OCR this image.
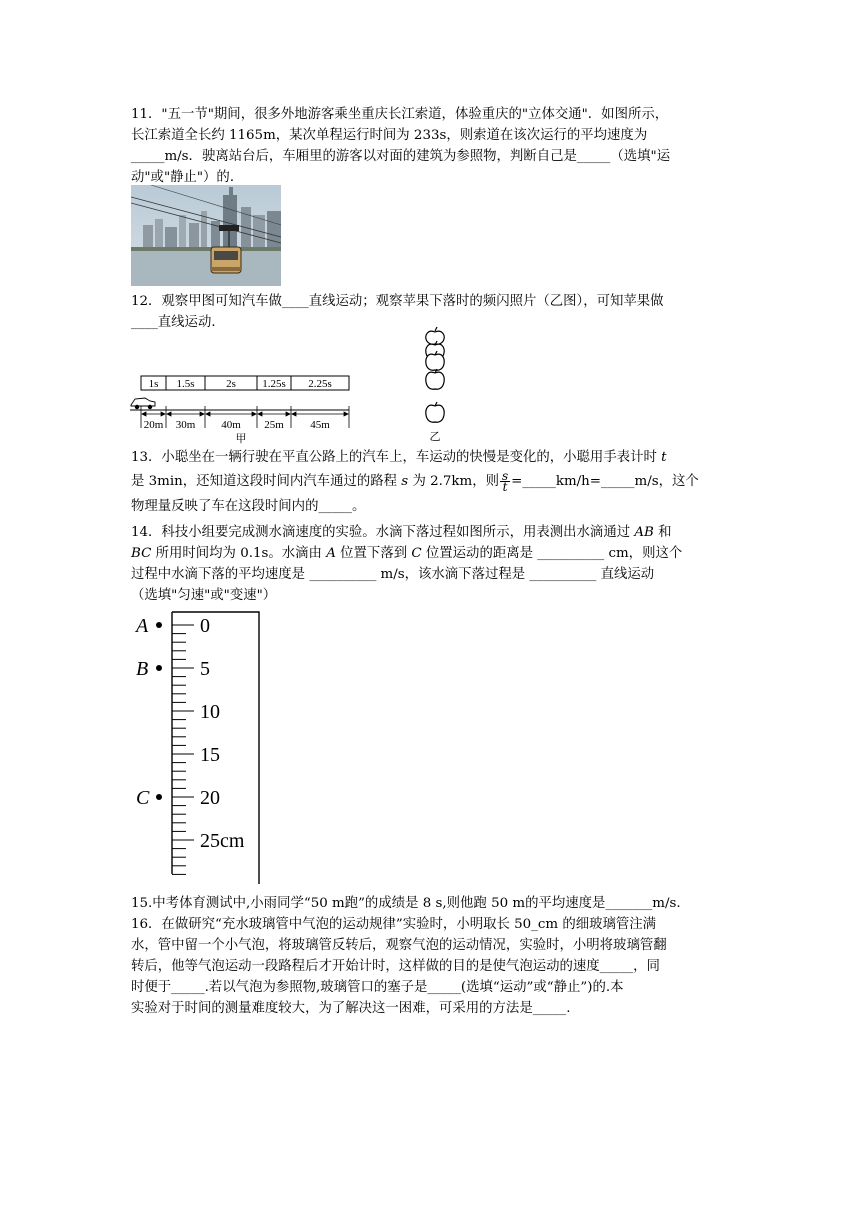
11．"五一节"期间，很多外地游客乘坐重庆长江索道，体验重庆的"立体交通"．如图所示，
长江索道全长约 1165m，某次单程运行时间为 233s，则索道在该次运行的平均速度为
_____m/s．驶离站台后，车厢里的游客以对面的建筑为参照物，判断自己是_____（选填"运
动"或"静止"）的．
12．观察甲图可知汽车做____直线运动；观察苹果下落时的频闪照片（乙图），可知苹果做
____直线运动．
1s 1.5s	2s 1.25s 2.25s
20m 30m 40m 25m 45m
甲	乙
13．小聪坐在一辆行驶在平直公路上的汽车上，车运动的快慢是变化的，小聪用手表计时 t
是 3min，还知道这段时间内汽车通过的路程 s 为 2.7km，则 $\frac{s}{t}$ =_____km/h=_____m/s，这个
物理量反映了车在这段时间内的_____。
14．科技小组要完成测水滴速度的实验。水滴下落过程如图所示，用表测出水滴通过 AB 和
BC 所用时间均为 0.1s。水滴由 A 位置下落到 C 位置运动的距离是 __________ cm，则这个
过程中水滴下落的平均速度是 __________ m/s，该水滴下落过程是 __________ 直线运动
（选填"匀速"或"变速"）
0
5
10
15
20
25cm
A
B
C
15.中考体育测试中,小雨同学“50 m跑”的成绩是 8 s,则他跑 50 m的平均速度是_______m/s.
16．在做研究“充水玻璃管中气泡的运动规律”实验时，小明取长 50_cm 的细玻璃管注满
水，管中留一个小气泡，将玻璃管反转后，观察气泡的运动情况，实验时，小明将玻璃管翻
转后，他等气泡运动一段路程后才开始计时，这样做的目的是使气泡运动的速度_____，同
时便于_____.若以气泡为参照物,玻璃管口的塞子是_____(选填“运动”或“静止”)的.本
实验对于时间的测量难度较大，为了解决这一困难，可采用的方法是_____.
